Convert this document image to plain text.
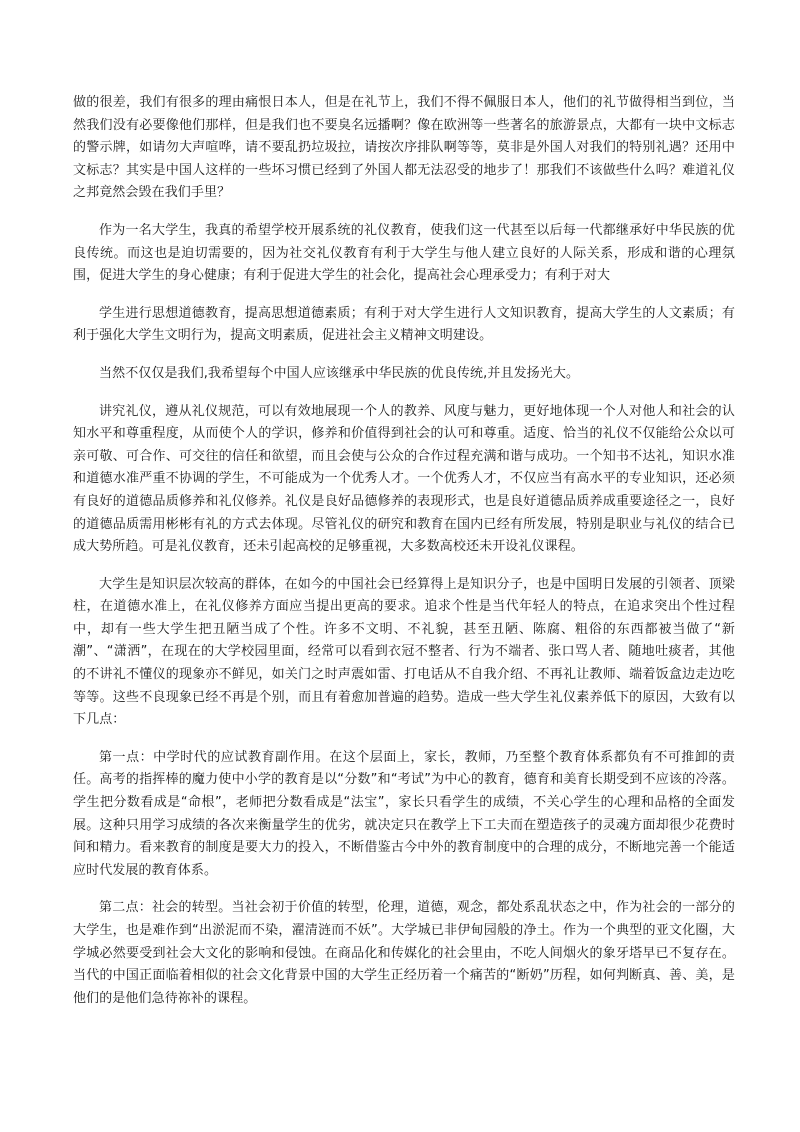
做的很差，我们有很多的理由痛恨日本人，但是在礼节上，我们不得不佩服日本人，他们的礼节做得相当到位，当然我们没有必要像他们那样，但是我们也不要臭名远播啊？像在欧洲等一些著名的旅游景点，大都有一块中文标志的警示牌，如请勿大声喧哗，请不要乱扔垃圾拉，请按次序排队啊等等，莫非是外国人对我们的特别礼遇？还用中文标志？其实是中国人这样的一些坏习惯已经到了外国人都无法忍受的地步了！那我们不该做些什么吗？难道礼仪之邦竟然会毁在我们手里？

作为一名大学生，我真的希望学校开展系统的礼仪教育，使我们这一代甚至以后每一代都继承好中华民族的优良传统。而这也是迫切需要的，因为社交礼仪教育有利于大学生与他人建立良好的人际关系，形成和谐的心理氛围，促进大学生的身心健康；有利于促进大学生的社会化，提高社会心理承受力；有利于对大

学生进行思想道德教育，提高思想道德素质；有利于对大学生进行人文知识教育，提高大学生的人文素质；有利于强化大学生文明行为，提高文明素质，促进社会主义精神文明建设。

当然不仅仅是我们,我希望每个中国人应该继承中华民族的优良传统,并且发扬光大。

讲究礼仪，遵从礼仪规范，可以有效地展现一个人的教养、风度与魅力，更好地体现一个人对他人和社会的认知水平和尊重程度，从而使个人的学识，修养和价值得到社会的认可和尊重。适度、恰当的礼仪不仅能给公众以可亲可敬、可合作、可交往的信任和欲望，而且会使与公众的合作过程充满和谐与成功。一个知书不达礼，知识水准和道德水准严重不协调的学生，不可能成为一个优秀人才。一个优秀人才，不仅应当有高水平的专业知识，还必须有良好的道德品质修养和礼仪修养。礼仪是良好品德修养的表现形式，也是良好道德品质养成重要途径之一，良好的道德品质需用彬彬有礼的方式去体现。尽管礼仪的研究和教育在国内已经有所发展，特别是职业与礼仪的结合已成大势所趋。可是礼仪教育，还未引起高校的足够重视，大多数高校还未开设礼仪课程。

大学生是知识层次较高的群体，在如今的中国社会已经算得上是知识分子，也是中国明日发展的引领者、顶梁柱，在道德水准上，在礼仪修养方面应当提出更高的要求。追求个性是当代年轻人的特点，在追求突出个性过程中，却有一些大学生把丑陋当成了个性。许多不文明、不礼貌，甚至丑陋、陈腐、粗俗的东西都被当做了“新潮”、“潇洒”，在现在的大学校园里面，经常可以看到衣冠不整者、行为不端者、张口骂人者、随地吐痰者，其他的不讲礼不懂仪的现象亦不鲜见，如关门之时声震如雷、打电话从不自我介绍、不再礼让教师、端着饭盒边走边吃等等。这些不良现象已经不再是个别，而且有着愈加普遍的趋势。造成一些大学生礼仪素养低下的原因，大致有以下几点：

第一点：中学时代的应试教育副作用。在这个层面上，家长，教师，乃至整个教育体系都负有不可推卸的责任。高考的指挥棒的魔力使中小学的教育是以“分数”和“考试”为中心的教育，德育和美育长期受到不应该的冷落。学生把分数看成是“命根”，老师把分数看成是“法宝”，家长只看学生的成绩，不关心学生的心理和品格的全面发展。这种只用学习成绩的各次来衡量学生的优劣，就决定只在教学上下工夫而在塑造孩子的灵魂方面却很少花费时间和精力。看来教育的制度是要大力的投入，不断借鉴古今中外的教育制度中的合理的成分，不断地完善一个能适应时代发展的教育体系。

第二点：社会的转型。当社会初于价值的转型，伦理，道德，观念，都处系乱状态之中，作为社会的一部分的大学生，也是难作到“出淤泥而不染，濯清涟而不妖”。大学城已非伊甸园般的净土。作为一个典型的亚文化圈，大学城必然要受到社会大文化的影响和侵蚀。在商品化和传媒化的社会里由，不吃人间烟火的象牙塔早已不复存在。当代的中国正面临着相似的社会文化背景中国的大学生正经历着一个痛苦的“断奶”历程，如何判断真、善、美，是他们的是他们急待祢补的课程。
